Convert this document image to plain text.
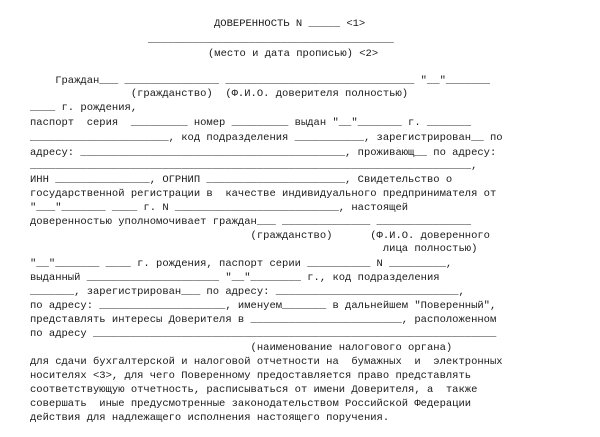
ДОВЕРЕННОСТЬ N _____ <1>
_______________________________________
(место и дата прописью) <2>
Граждан___ _______________ ______________________________ "__"_______
(гражданство)  (Ф.И.О. доверителя полностью)
____ г. рождения,
паспорт  серия  _________ номер _________ выдан "__"_______ г. _______
______________________, код подразделения ___________, зарегистрирован__ по
адресу: __________________________________________, проживающ__ по адресу:
______________________________________________________________________,
ИНН _______________, ОГРНИП ______________________, Свидетельство о
государственной регистрации в  качестве индивидуального предпринимателя от
"___"_______ ____ г. N __________________________, настоящей
доверенностью уполномочивает граждан___ ______________ _______________
(гражданство)      (Ф.И.О. доверенного
лица полностью)
"__"_______ ____ г. рождения, паспорт серии __________ N _________,
выданный _____________________ "__"________ г., код подразделения
_______, зарегистрирован___ по адресу: _____________________________,
по адресу: ____________________, именуем_______ в дальнейшем "Поверенный",
представлять интересы Доверителя в ________________________, расположенном
по адресу ________________________________________________________________
(наименование налогового органа)
для сдачи бухгалтерской и налоговой отчетности на  бумажных  и  электронных
носителях <3>, для чего Поверенному предоставляется право представлять
соответствующую отчетность, расписываться от имени Доверителя, а  также
совершать  иные предусмотренные законодательством Российской Федерации
действия для надлежащего исполнения настоящего поручения.
